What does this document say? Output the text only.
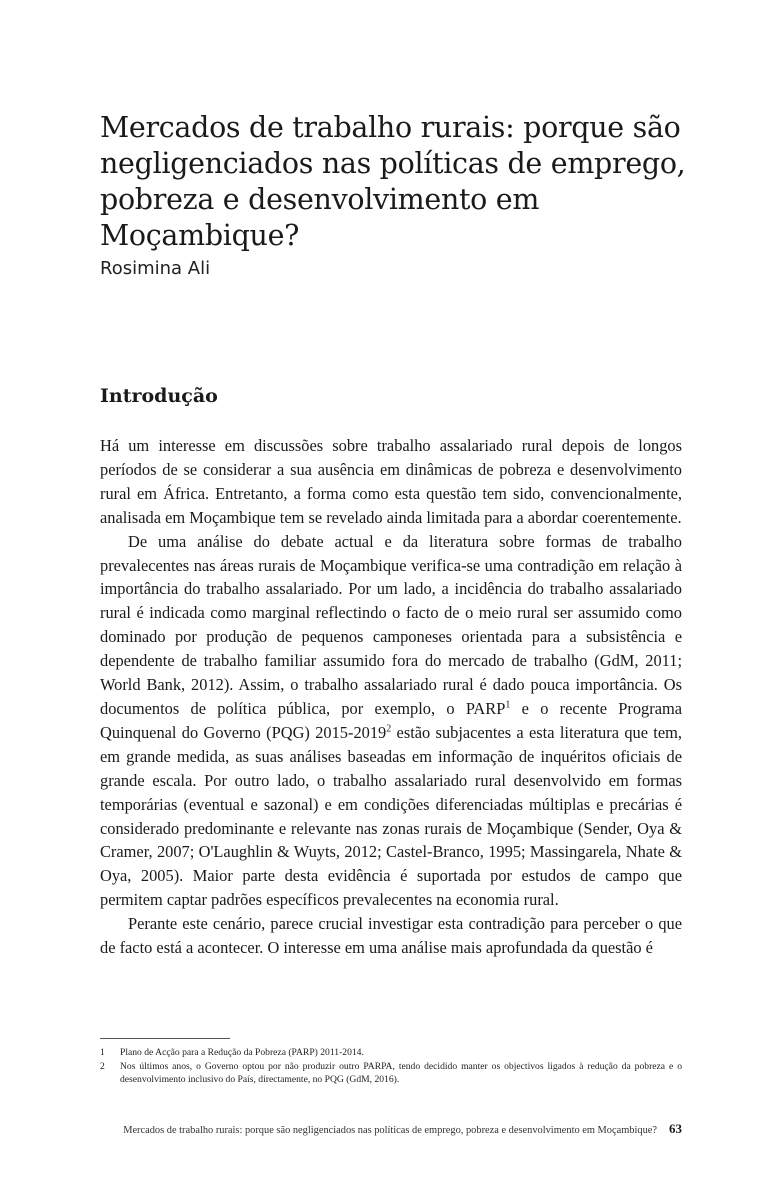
Mercados de trabalho rurais: porque são negligenciados nas políticas de emprego, pobreza e desenvolvimento em Moçambique?
Rosimina Ali
Introdução

Há um interesse em discussões sobre trabalho assalariado rural depois de longos períodos de se considerar a sua ausência em dinâmicas de pobreza e desenvolvimento rural em África. Entretanto, a forma como esta questão tem sido, convencionalmente, analisada em Moçambique tem se revelado ainda limitada para a abordar coerentemente.

De uma análise do debate actual e da literatura sobre formas de trabalho prevalecentes nas áreas rurais de Moçambique verifica-se uma contradição em relação à importância do trabalho assalariado. Por um lado, a incidência do trabalho assalariado rural é indicada como marginal reflectindo o facto de o meio rural ser assumido como dominado por produção de pequenos camponeses orientada para a subsistência e dependente de trabalho familiar assumido fora do mercado de trabalho (GdM, 2011; World Bank, 2012). Assim, o trabalho assalariado rural é dado pouca importância. Os documentos de política pública, por exemplo, o PARP$^1$ e o recente Programa Quinquenal do Governo (PQG) 2015-2019$^2$ estão subjacentes a esta literatura que tem, em grande medida, as suas análises baseadas em informação de inquéritos oficiais de grande escala. Por outro lado, o trabalho assalariado rural desenvolvido em formas temporárias (eventual e sazonal) e em condições diferenciadas múltiplas e precárias é considerado predominante e relevante nas zonas rurais de Moçambique (Sender, Oya & Cramer, 2007; O'Laughlin & Wuyts, 2012; Castel-Branco, 1995; Massingarela, Nhate & Oya, 2005). Maior parte desta evidência é suportada por estudos de campo que permitem captar padrões específicos prevalecentes na economia rural.

Perante este cenário, parece crucial investigar esta contradição para perceber o que de facto está a acontecer. O interesse em uma análise mais aprofundada da questão é

1	Plano de Acção para a Redução da Pobreza (PARP) 2011-2014.
2	Nos últimos anos, o Governo optou por não produzir outro PARPA, tendo decidido manter os objectivos ligados à redução da pobreza e o desenvolvimento inclusivo do País, directamente, no PQG (GdM, 2016).
Mercados de trabalho rurais: porque são negligenciados nas políticas de emprego, pobreza e desenvolvimento em Moçambique? 63
